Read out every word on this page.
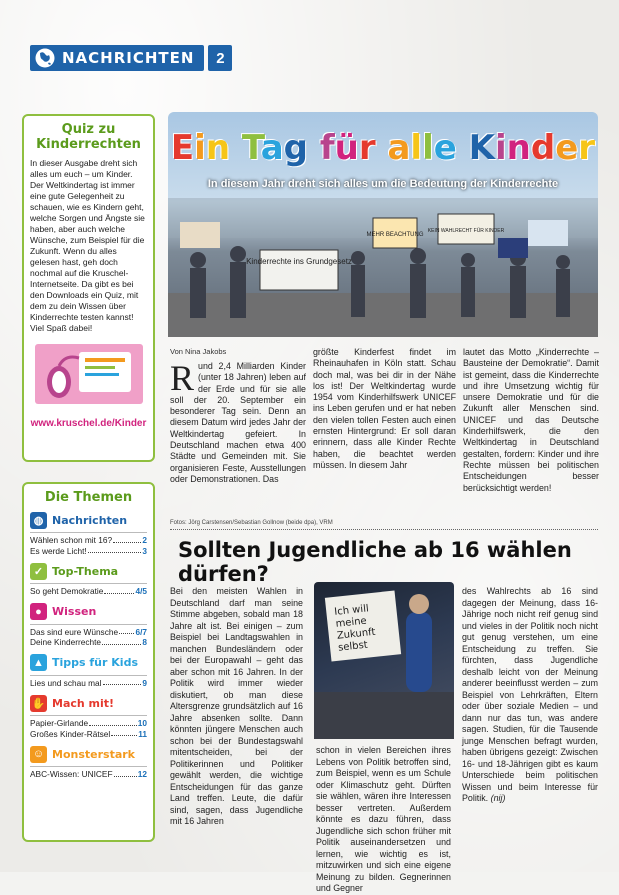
NACHRICHTEN	2
Quiz zu Kinderrechten
In dieser Ausgabe dreht sich alles um euch – um Kinder. Der Weltkindertag ist immer eine gute Gelegenheit zu schauen, wie es Kindern geht, welche Sorgen und Ängste sie haben, aber auch welche Wünsche, zum Beispiel für die Zukunft. Wenn du alles gelesen hast, geh doch nochmal auf die Kruschel-Internetseite. Da gibt es bei den Downloads ein Quiz, mit dem zu dein Wissen über Kinderrechte testen kannst! Viel Spaß dabei!
www.kruschel.de/Kinder
Die Themen
◍ Nachrichten
Wählen schon mit 16?	2
Es werde Licht!	3
✓ Top-Thema
So geht Demokratie	4/5
● Wissen
Das sind eure Wünsche 6/7
Deine Kinderrechte	8
▲ Tipps für Kids
Lies und schau mal	9
✋ Mach mit!
Papier-Girlande	10
Großes Kinder-Rätsel	11
☺ Monsterstark
ABC-Wissen: UNICEF	12
Ein Tag für alle Kinder
In diesem Jahr dreht sich alles um die Bedeutung der Kinderrechte
Kinderrechte ins Grundgesetz
MEHR BEACHTUNG
KEIN WAHLRECHT FÜR KINDER
Von Nina Jakobs
Rund 2,4 Milliarden Kinder (unter 18 Jahren) leben auf der Erde und für sie alle soll der 20. September ein besonderer Tag sein. Denn an diesem Datum wird jedes Jahr der Weltkindertag gefeiert. In Deutschland machen etwa 400 Städte und Gemeinden mit. Sie organisieren Feste, Ausstellungen oder Demonstrationen. Das
größte Kinderfest findet im Rheinauhafen in Köln statt. Schau doch mal, was bei dir in der Nähe los ist! Der Weltkindertag wurde 1954 vom Kinderhilfswerk UNICEF ins Leben gerufen und er hat neben den vielen tollen Festen auch einen ernsten Hintergrund: Er soll daran erinnern, dass alle Kinder Rechte haben, die beachtet werden müssen. In diesem Jahr
lautet das Motto „Kinderrechte – Bausteine der Demokratie“. Damit ist gemeint, dass die Kinderrechte und ihre Umsetzung wichtig für unsere Demokratie und für die Zukunft aller Menschen sind. UNICEF und das Deutsche Kinderhilfswerk, die den Weltkindertag in Deutschland gestalten, fordern: Kinder und ihre Rechte müssen bei politischen Entscheidungen besser berücksichtigt werden!
Fotos: Jörg Carstensen/Sebastian Gollnow (beide dpa), VRM
Sollten Jugendliche ab 16 wählen dürfen?
Bei den meisten Wahlen in Deutschland darf man seine Stimme abgeben, sobald man 18 Jahre alt ist. Bei einigen – zum Beispiel bei Landtagswahlen in manchen Bundesländern oder bei der Europawahl – geht das aber schon mit 16 Jahren. In der Politik wird immer wieder diskutiert, ob man diese Altersgrenze grundsätzlich auf 16 Jahre absenken sollte. Dann könnten jüngere Menschen auch schon bei der Bundestagswahl mitentscheiden, bei der Politikerinnen und Politiker gewählt werden, die wichtige Entscheidungen für das ganze Land treffen. Leute, die dafür sind, sagen, dass Jugendliche mit 16 Jahren
Ich will meine Zukunft selbst
schon in vielen Bereichen ihres Lebens von Politik betroffen sind, zum Beispiel, wenn es um Schule oder Klimaschutz geht. Dürften sie wählen, wären ihre Interessen besser vertreten. Außerdem könnte es dazu führen, dass Jugendliche sich schon früher mit Politik auseinandersetzen und lernen, wie wichtig es ist, mitzuwirken und sich eine eigene Meinung zu bilden. Gegnerinnen und Gegner
des Wahlrechts ab 16 sind dagegen der Meinung, dass 16-Jährige noch nicht reif genug sind und vieles in der Politik noch nicht gut genug verstehen, um eine Entscheidung zu treffen. Sie fürchten, dass Jugendliche deshalb leicht von der Meinung anderer beeinflusst werden – zum Beispiel von Lehrkräften, Eltern oder über soziale Medien – und dann nur das tun, was andere sagen. Studien, für die Tausende junge Menschen befragt wurden, haben übrigens gezeigt: Zwischen 16- und 18-Jährigen gibt es kaum Unterschiede beim politischen Wissen und beim Interesse für Politik. (nij)
